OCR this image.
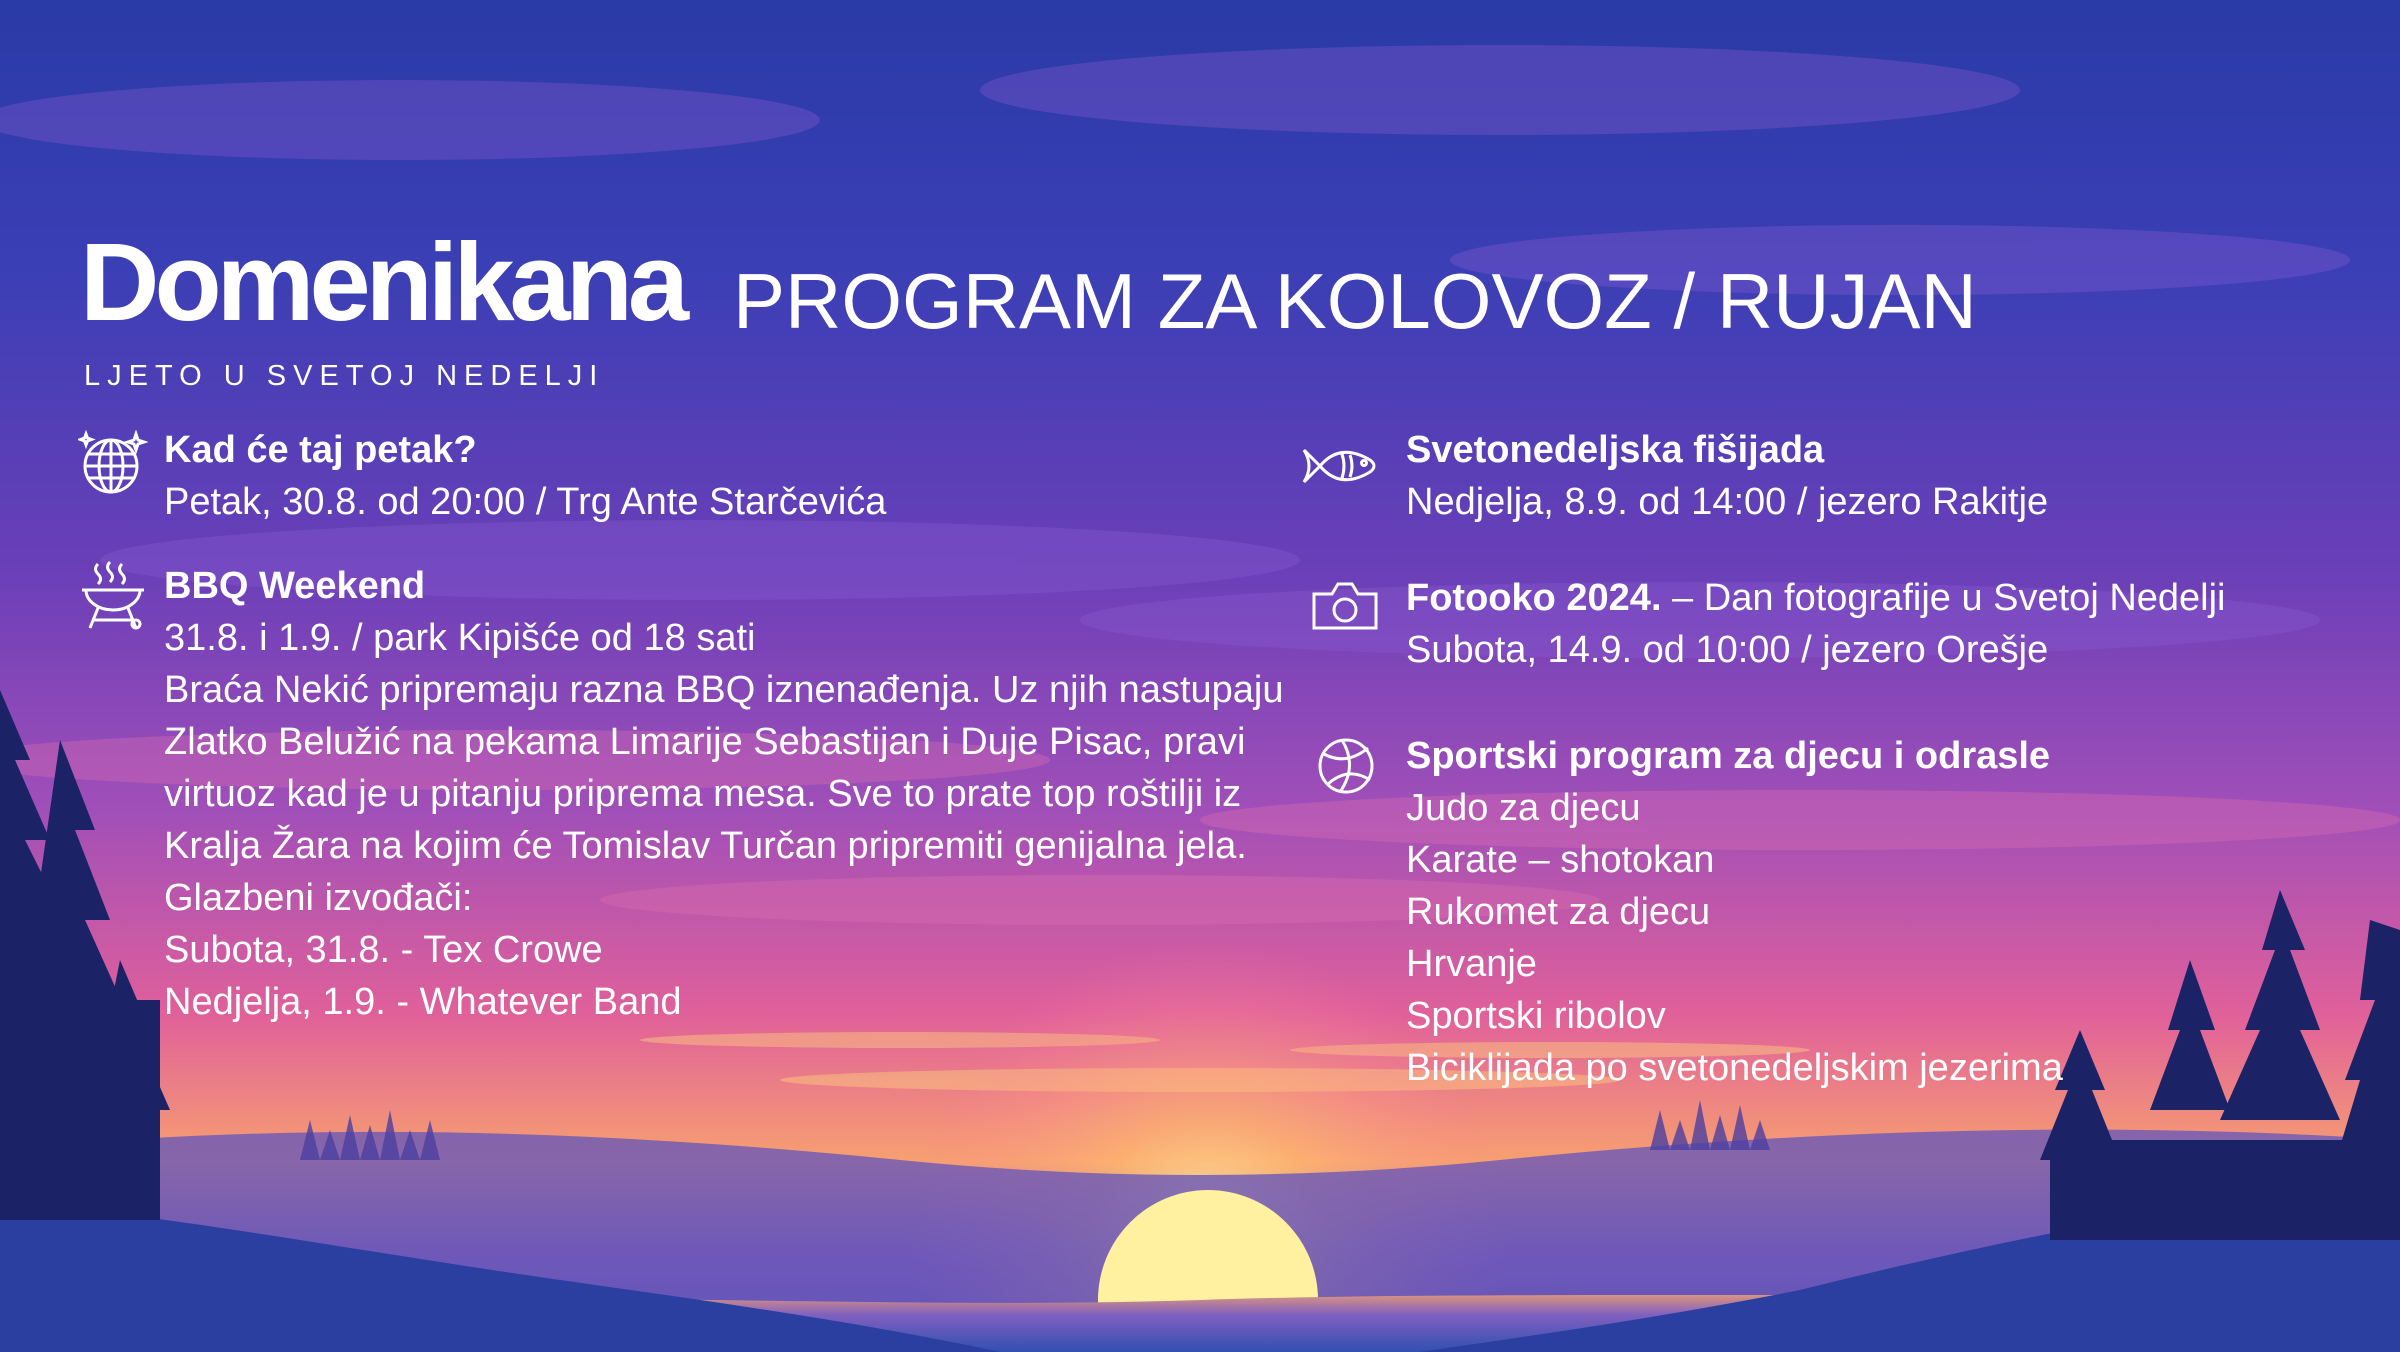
Domenikana
LJETO U SVETOJ NEDELJI
PROGRAM ZA KOLOVOZ / RUJAN
Kad će taj petak?
Petak, 30.8. od 20:00 / Trg Ante Starčevića
BBQ Weekend
31.8. i 1.9. / park Kipišće od 18 sati
Braća Nekić pripremaju razna BBQ iznenađenja. Uz njih nastupaju
Zlatko Belužić na pekama Limarije Sebastijan i Duje Pisac, pravi
virtuoz kad je u pitanju priprema mesa. Sve to prate top roštilji iz
Kralja Žara na kojim će Tomislav Turčan pripremiti genijalna jela.
Glazbeni izvođači:
Subota, 31.8. - Tex Crowe
Nedjelja, 1.9. - Whatever Band
Svetonedeljska fišijada
Nedjelja, 8.9. od 14:00 / jezero Rakitje
Fotooko 2024. – Dan fotografije u Svetoj Nedelji
Subota, 14.9. od 10:00 / jezero Orešje
Sportski program za djecu i odrasle
Judo za djecu
Karate – shotokan
Rukomet za djecu
Hrvanje
Sportski ribolov
Biciklijada po svetonedeljskim jezerima
